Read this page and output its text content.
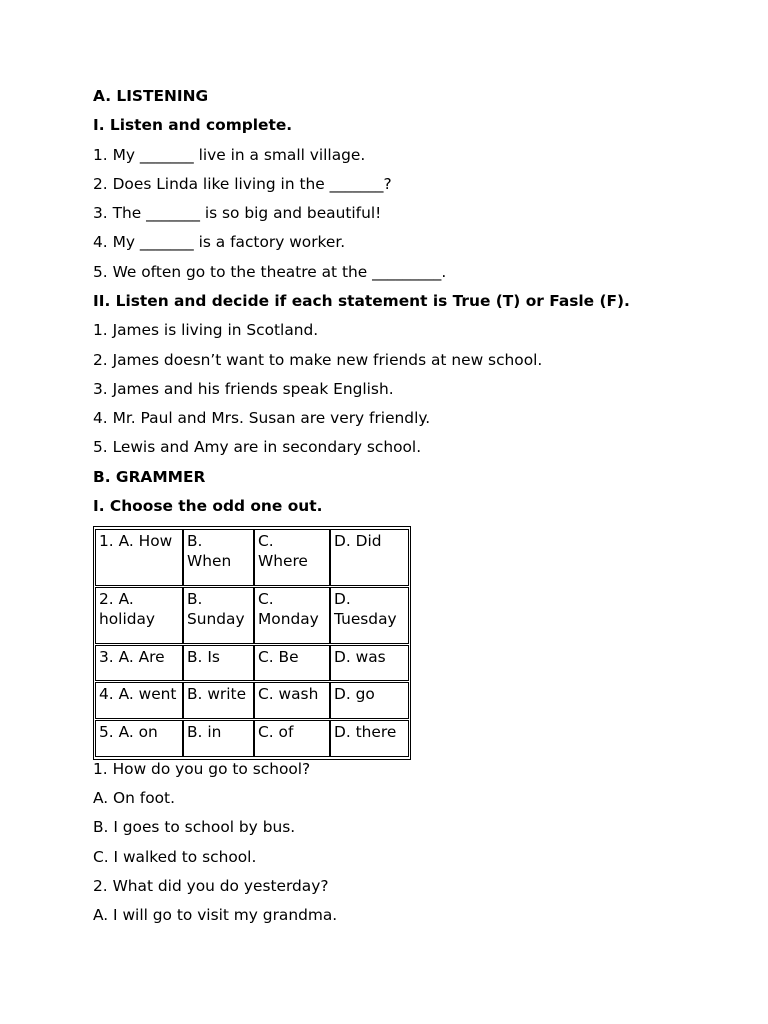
A. LISTENING

I. Listen and complete.

1. My _______ live in a small village.

2. Does Linda like living in the _______?

3. The _______ is so big and beautiful!

4. My _______ is a factory worker.

5. We often go to the theatre at the _________.

II. Listen and decide if each statement is True (T) or Fasle (F).

1. James is living in Scotland.

2. James doesn’t want to make new friends at new school.

3. James and his friends speak English.

4. Mr. Paul and Mrs. Susan are very friendly.

5. Lewis and Amy are in secondary school.

B. GRAMMER

I. Choose the odd one out.

1. A. How	B. When	C. Where	D. Did
2. A. holiday	B. Sunday	C. Monday	D. Tuesday
3. A. Are	B. Is	C. Be	D. was
4. A. went	B. write	C. wash	D. go
5. A. on	B. in	C. of	D. there

1. How do you go to school?

A. On foot.

B. I goes to school by bus.

C. I walked to school.

2. What did you do yesterday?

A. I will go to visit my grandma.
